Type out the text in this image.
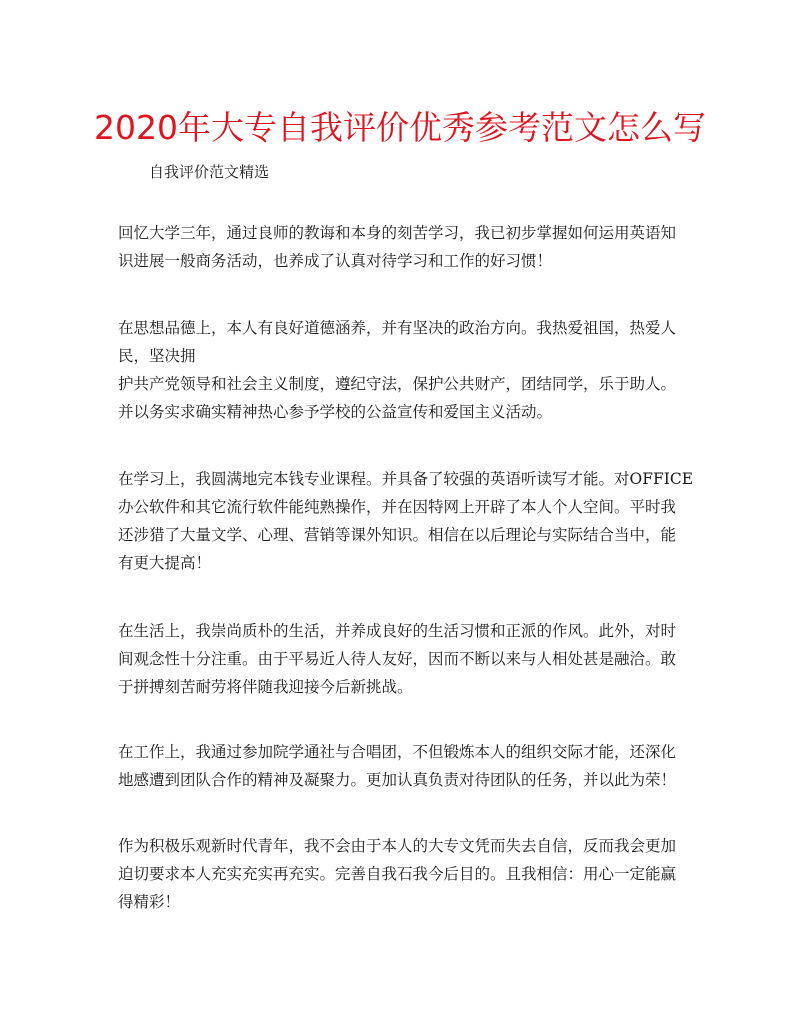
2020年大专自我评价优秀参考范文怎么写

自我评价范文精选

回忆大学三年，通过良师的教诲和本身的刻苦学习，我已初步掌握如何运用英语知
识进展一般商务活动，也养成了认真对待学习和工作的好习惯！

在思想品德上，本人有良好道德涵养，并有坚决的政治方向。我热爱祖国，热爱人
民，坚决拥
护共产党领导和社会主义制度，遵纪守法，保护公共财产，团结同学，乐于助人。
并以务实求确实精神热心参予学校的公益宣传和爱国主义活动。

在学习上，我圆满地完本钱专业课程。并具备了较强的英语听读写才能。对OFFICE
办公软件和其它流行软件能纯熟操作，并在因特网上开辟了本人个人空间。平时我
还涉猎了大量文学、心理、营销等课外知识。相信在以后理论与实际结合当中，能
有更大提高！

在生活上，我崇尚质朴的生活，并养成良好的生活习惯和正派的作风。此外，对时
间观念性十分注重。由于平易近人待人友好，因而不断以来与人相处甚是融洽。敢
于拼搏刻苦耐劳将伴随我迎接今后新挑战。

在工作上，我通过参加院学通社与合唱团，不但锻炼本人的组织交际才能，还深化
地感遭到团队合作的精神及凝聚力。更加认真负责对待团队的任务，并以此为荣！

作为积极乐观新时代青年，我不会由于本人的大专文凭而失去自信，反而我会更加
迫切要求本人充实充实再充实。完善自我石我今后目的。且我相信：用心一定能赢
得精彩！
